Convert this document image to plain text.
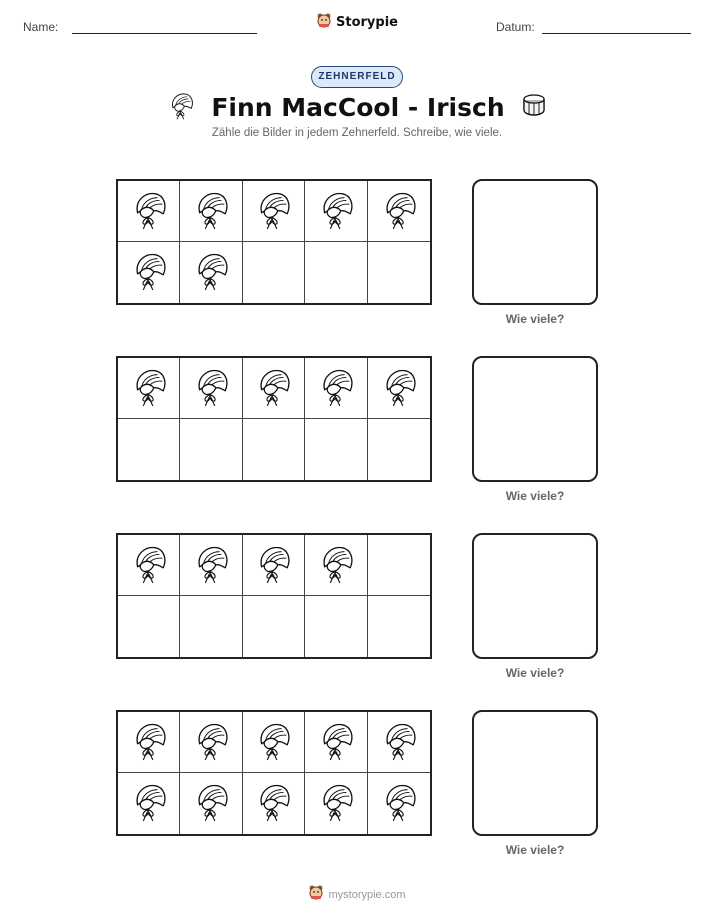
Name:	Storypie	Datum:
ZEHNERFELD
Finn MacCool - Irisch
Zähle die Bilder in jedem Zehnerfeld. Schreibe, wie viele.
Wie viele?
Wie viele?
Wie viele?
Wie viele?
mystorypie.com
